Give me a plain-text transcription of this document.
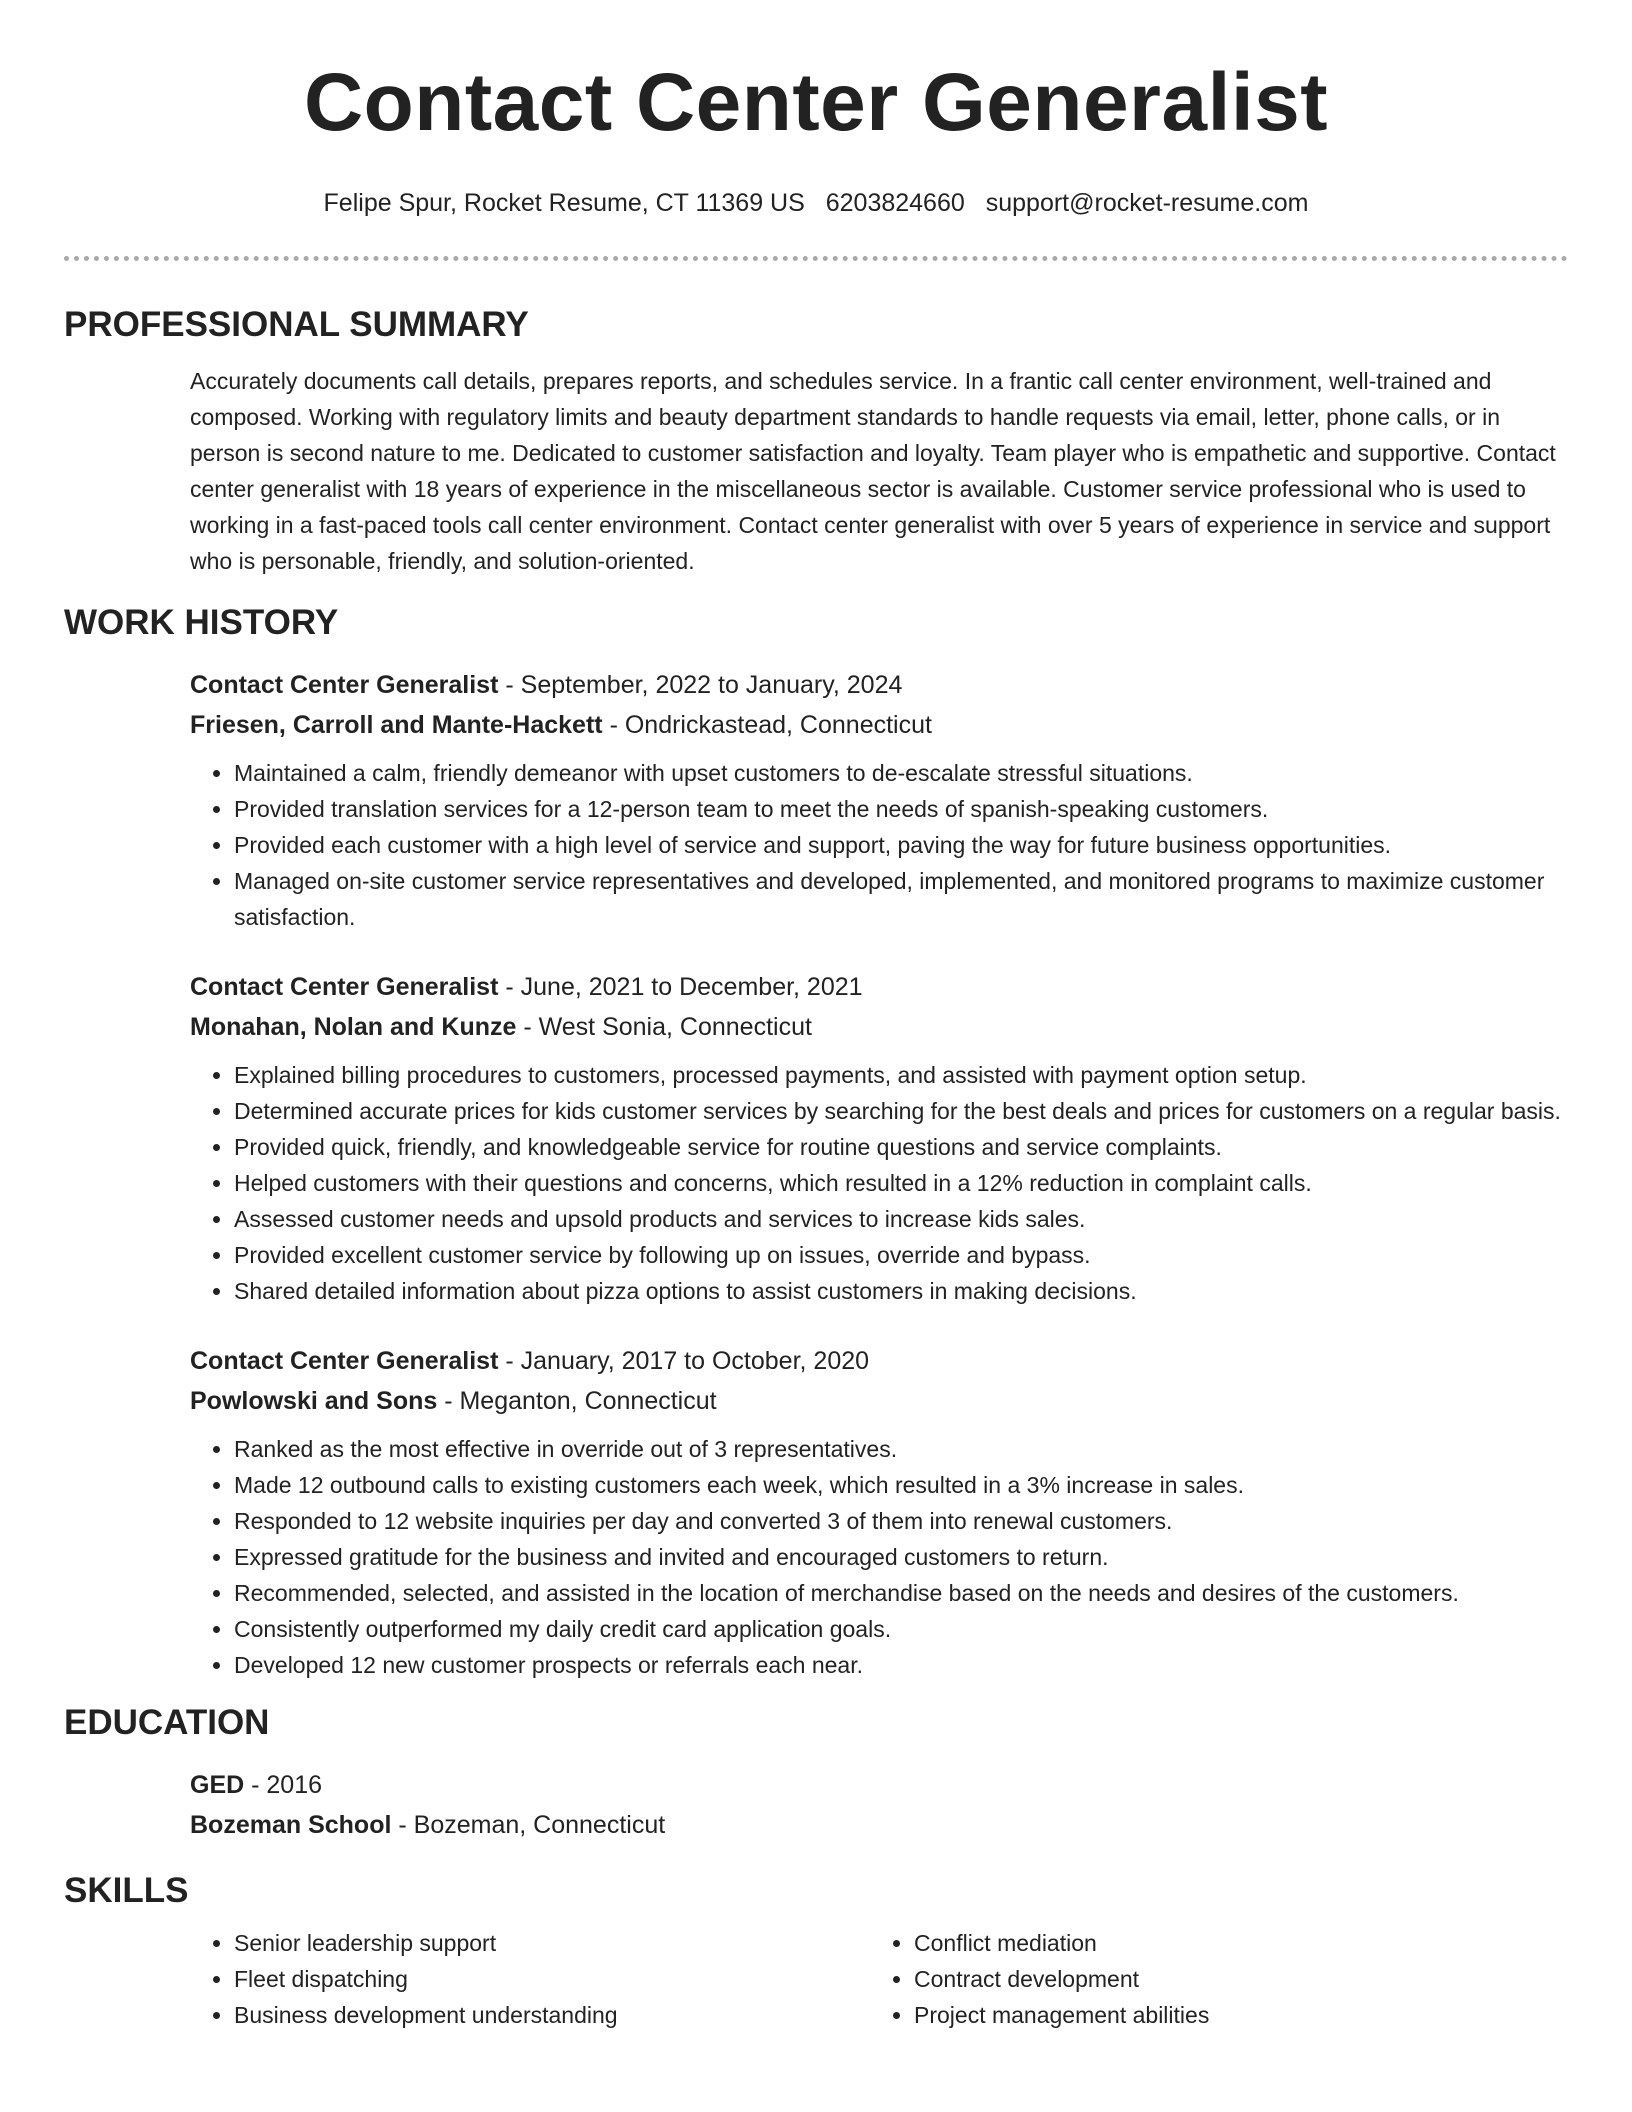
Contact Center Generalist
Felipe Spur, Rocket Resume, CT 11369 US 6203824660 support@rocket-resume.com
PROFESSIONAL SUMMARY

Accurately documents call details, prepares reports, and schedules service. In a frantic call center environment, well-trained and composed. Working with regulatory limits and beauty department standards to handle requests via email, letter, phone calls, or in person is second nature to me. Dedicated to customer satisfaction and loyalty. Team player who is empathetic and supportive. Contact center generalist with 18 years of experience in the miscellaneous sector is available. Customer service professional who is used to working in a fast-paced tools call center environment. Contact center generalist with over 5 years of experience in service and support who is personable, friendly, and solution-oriented.

WORK HISTORY

Contact Center Generalist - September, 2022 to January, 2024

Friesen, Carroll and Mante-Hackett - Ondrickastead, Connecticut

• Maintained a calm, friendly demeanor with upset customers to de-escalate stressful situations.
• Provided translation services for a 12-person team to meet the needs of spanish-speaking customers.
• Provided each customer with a high level of service and support, paving the way for future business opportunities.
• Managed on-site customer service representatives and developed, implemented, and monitored programs to maximize customer satisfaction.

Contact Center Generalist - June, 2021 to December, 2021

Monahan, Nolan and Kunze - West Sonia, Connecticut

• Explained billing procedures to customers, processed payments, and assisted with payment option setup.
• Determined accurate prices for kids customer services by searching for the best deals and prices for customers on a regular basis.
• Provided quick, friendly, and knowledgeable service for routine questions and service complaints.
• Helped customers with their questions and concerns, which resulted in a 12% reduction in complaint calls.
• Assessed customer needs and upsold products and services to increase kids sales.
• Provided excellent customer service by following up on issues, override and bypass.
• Shared detailed information about pizza options to assist customers in making decisions.

Contact Center Generalist - January, 2017 to October, 2020

Powlowski and Sons - Meganton, Connecticut

• Ranked as the most effective in override out of 3 representatives.
• Made 12 outbound calls to existing customers each week, which resulted in a 3% increase in sales.
• Responded to 12 website inquiries per day and converted 3 of them into renewal customers.
• Expressed gratitude for the business and invited and encouraged customers to return.
• Recommended, selected, and assisted in the location of merchandise based on the needs and desires of the customers.
• Consistently outperformed my daily credit card application goals.
• Developed 12 new customer prospects or referrals each near.
EDUCATION

GED - 2016

Bozeman School - Bozeman, Connecticut

SKILLS
• Senior leadership support
• Fleet dispatching
• Business development understanding
• Conflict mediation
• Contract development
• Project management abilities
